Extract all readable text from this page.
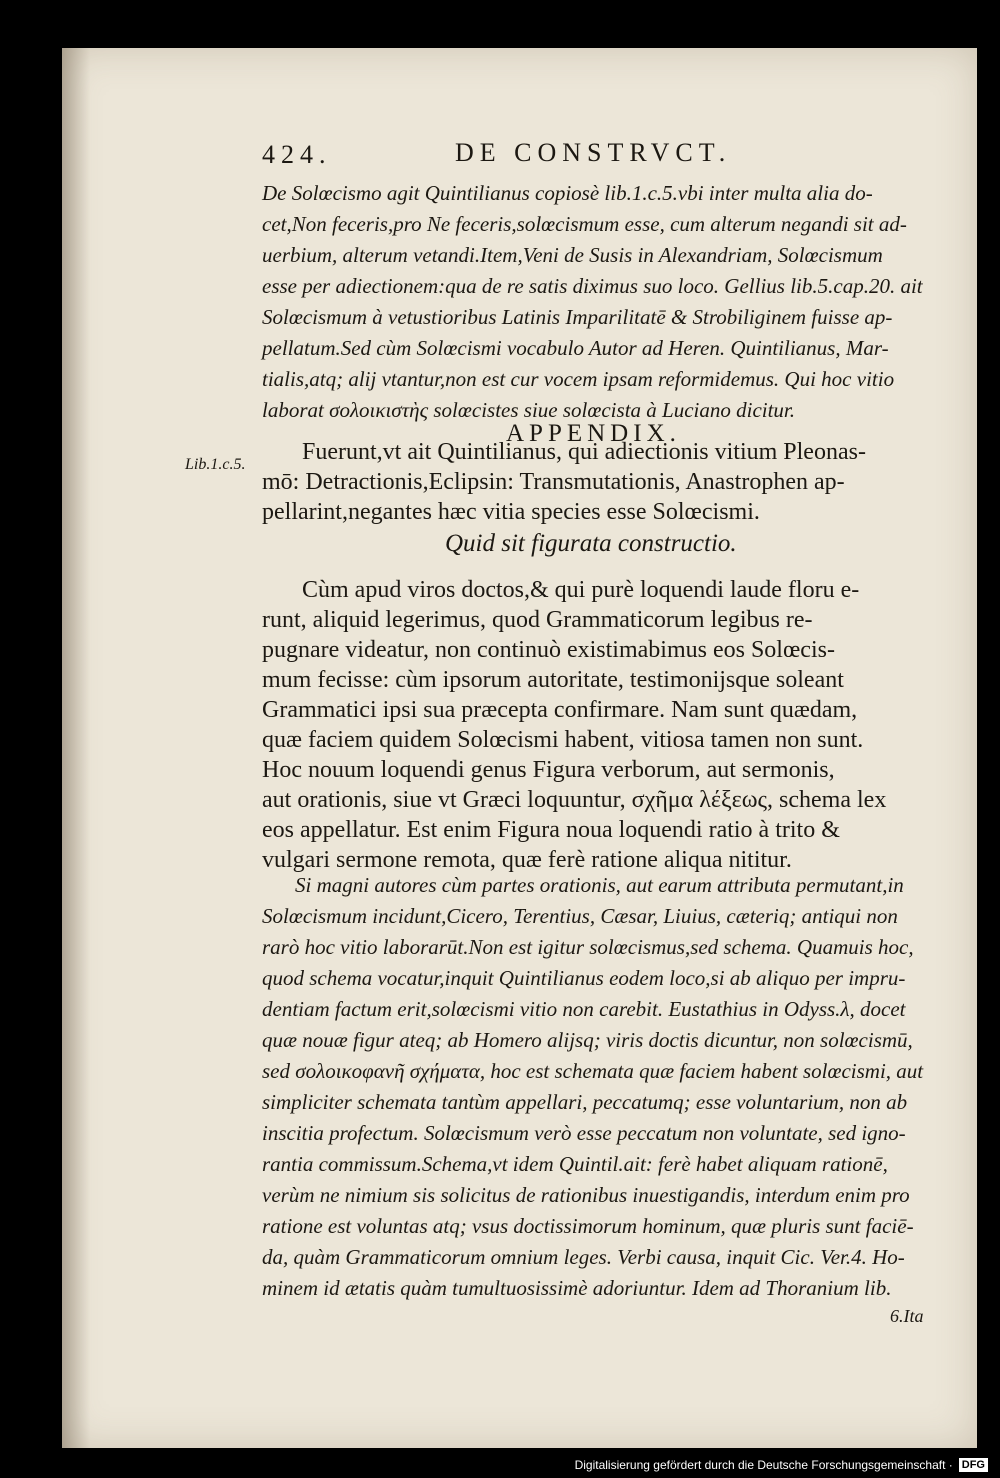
424.	DE CONSTRVCT.
De Solœcismo agit Quintilianus copiosè lib.1.c.5.vbi inter multa alia do-
cet,Non feceris,pro Ne feceris,solœcismum esse, cum alterum negandi sit ad-
uerbium, alterum vetandi.Item,Veni de Susis in Alexandriam, Solœcismum
esse per adiectionem:qua de re satis diximus suo loco. Gellius lib.5.cap.20. ait
Solœcismum à vetustioribus Latinis Imparilitatē & Strobiliginem fuisse ap-
pellatum.Sed cùm Solœcismi vocabulo Autor ad Heren. Quintilianus, Mar-
tialis,atq; alij vtantur,non est cur vocem ipsam reformidemus. Qui hoc vitio
laborat σολοικιστὴς solœcistes siue solœcista à Luciano dicitur.
APPENDIX.
Lib.1.c.5. Fuerunt,vt ait Quintilianus, qui adiectionis vitium Pleonas-
mō: Detractionis,Eclipsin: Transmutationis, Anastrophen ap-
pellarint,negantes hæc vitia species esse Solœcismi.
Quid sit figurata constructio.
Cùm apud viros doctos,& qui purè loquendi laude floru e-
runt, aliquid legerimus, quod Grammaticorum legibus re-
pugnare videatur, non continuò existimabimus eos Solœcis-
mum fecisse: cùm ipsorum autoritate, testimonijsque soleant
Grammatici ipsi sua præcepta confirmare. Nam sunt quædam,
quæ faciem quidem Solœcismi habent, vitiosa tamen non sunt.
Hoc nouum loquendi genus Figura verborum, aut sermonis,
aut orationis, siue vt Græci loquuntur, σχῆμα λέξεως, schema lex
eos appellatur. Est enim Figura noua loquendi ratio à trito &
vulgari sermone remota, quæ ferè ratione aliqua nititur.
Si magni autores cùm partes orationis, aut earum attributa permutant,in
Solœcismum incidunt,Cicero, Terentius, Cæsar, Liuius, cæteriq; antiqui non
rarò hoc vitio laborarūt.Non est igitur solœcismus,sed schema. Quamuis hoc,
quod schema vocatur,inquit Quintilianus eodem loco,si ab aliquo per impru-
dentiam factum erit,solœcismi vitio non carebit. Eustathius in Odyss.λ, docet
quæ nouæ figur ateq; ab Homero alijsq; viris doctis dicuntur, non solœcismū,
sed σολοικοφανῆ σχήματα, hoc est schemata quæ faciem habent solœcismi, aut
simpliciter schemata tantùm appellari, peccatumq; esse voluntarium, non ab
inscitia profectum. Solœcismum verò esse peccatum non voluntate, sed igno-
rantia commissum.Schema,vt idem Quintil.ait: ferè habet aliquam rationē,
verùm ne nimium sis solicitus de rationibus inuestigandis, interdum enim pro
ratione est voluntas atq; vsus doctissimorum hominum, quæ pluris sunt faciē-
da, quàm Grammaticorum omnium leges. Verbi causa, inquit Cic. Ver.4. Ho-
minem id ætatis quàm tumultuosissimè adoriuntur. Idem ad Thoranium lib.
6.Ita
Digitalisierung gefördert durch die Deutsche Forschungsgemeinschaft · DFG
